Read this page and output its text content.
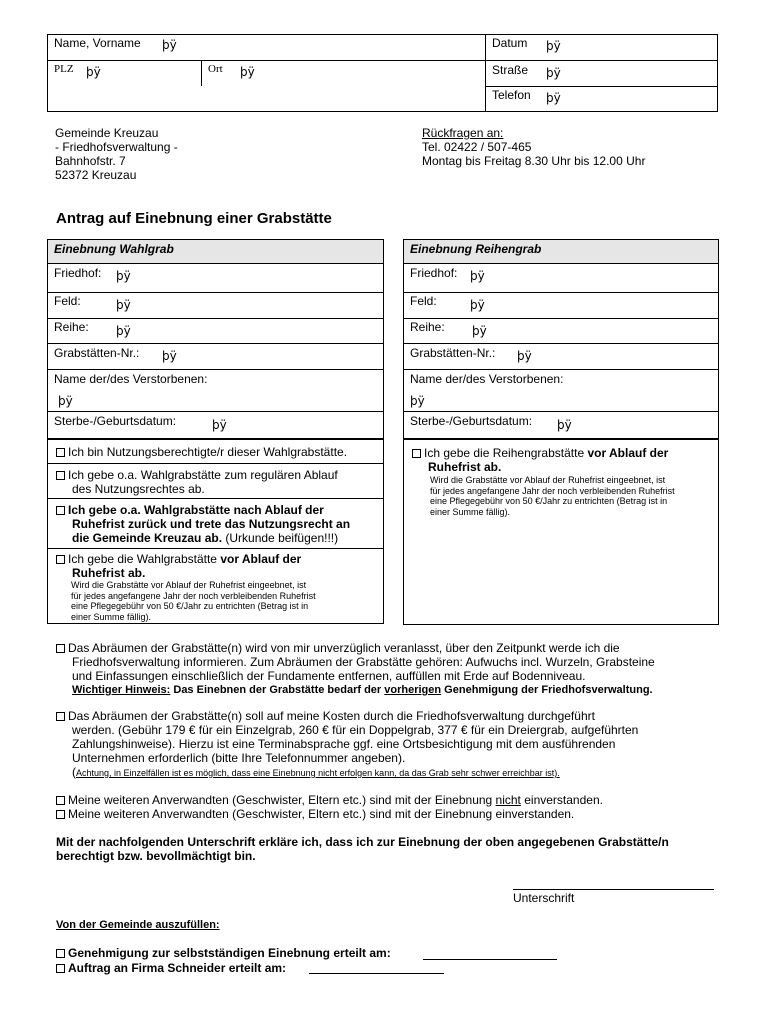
Name, Vorname þÿ	Datum þÿ
PLZ þÿ	Ort þÿ	Straße þÿ
Telefon þÿ
Gemeinde Kreuzau
- Friedhofsverwaltung -
Bahnhofstr. 7
52372 Kreuzau
Rückfragen an:
Tel. 02422 / 507-465
Montag bis Freitag 8.30 Uhr bis 12.00 Uhr
Antrag auf Einebnung einer Grabstätte
Einebnung Wahlgrab
Friedhof: þÿ
Feld:	þÿ
Reihe: þÿ
Grabstätten-Nr.: þÿ
Name der/des Verstorbenen:
þÿ
Sterbe-/Geburtsdatum:	þÿ
Ich bin Nutzungsberechtigte/r dieser Wahlgrabstätte.
Ich gebe o.a. Wahlgrabstätte zum regulären Ablauf
des Nutzungsrechtes ab.
Ich gebe o.a. Wahlgrabstätte nach Ablauf der
Ruhefrist zurück und trete das Nutzungsrecht an
die Gemeinde Kreuzau ab. (Urkunde beifügen!!!)
Ich gebe die Wahlgrabstätte vor Ablauf der
Ruhefrist ab.
Wird die Grabstätte vor Ablauf der Ruhefrist eingeebnet, ist
für jedes angefangene Jahr der noch verbleibenden Ruhefrist
eine Pflegegebühr von 50 €/Jahr zu entrichten (Betrag ist in
einer Summe fällig).
Einebnung Reihengrab
Friedhof: þÿ
Feld:	þÿ
Reihe: þÿ
Grabstätten-Nr.: þÿ
Name der/des Verstorbenen:
þÿ
Sterbe-/Geburtsdatum: þÿ
Ich gebe die Reihengrabstätte vor Ablauf der
Ruhefrist ab.
Wird die Grabstätte vor Ablauf der Ruhefrist eingeebnet, ist
für jedes angefangene Jahr der noch verbleibenden Ruhefrist
eine Pflegegebühr von 50 €/Jahr zu entrichten (Betrag ist in
einer Summe fällig).
Das Abräumen der Grabstätte(n) wird von mir unverzüglich veranlasst, über den Zeitpunkt werde ich die
Friedhofsverwaltung informieren. Zum Abräumen der Grabstätte gehören: Aufwuchs incl. Wurzeln, Grabsteine
und Einfassungen einschließlich der Fundamente entfernen, auffüllen mit Erde auf Bodenniveau.
Wichtiger Hinweis: Das Einebnen der Grabstätte bedarf der vorherigen Genehmigung der Friedhofsverwaltung.
Das Abräumen der Grabstätte(n) soll auf meine Kosten durch die Friedhofsverwaltung durchgeführt
werden. (Gebühr 179 € für ein Einzelgrab, 260 € für ein Doppelgrab, 377 € für ein Dreiergrab, aufgeführten
Zahlungshinweise). Hierzu ist eine Terminabsprache ggf. eine Ortsbesichtigung mit dem ausführenden
Unternehmen erforderlich (bitte Ihre Telefonnummer angeben).
(Achtung, in Einzelfällen ist es möglich, dass eine Einebnung nicht erfolgen kann, da das Grab sehr schwer erreichbar ist).
Meine weiteren Anverwandten (Geschwister, Eltern etc.) sind mit der Einebnung nicht einverstanden.
Meine weiteren Anverwandten (Geschwister, Eltern etc.) sind mit der Einebnung einverstanden.
Mit der nachfolgenden Unterschrift erkläre ich, dass ich zur Einebnung der oben angegebenen Grabstätte/n
berechtigt bzw. bevollmächtigt bin.
Unterschrift
Von der Gemeinde auszufüllen:
Genehmigung zur selbstständigen Einebnung erteilt am:
Auftrag an Firma Schneider erteilt am:
